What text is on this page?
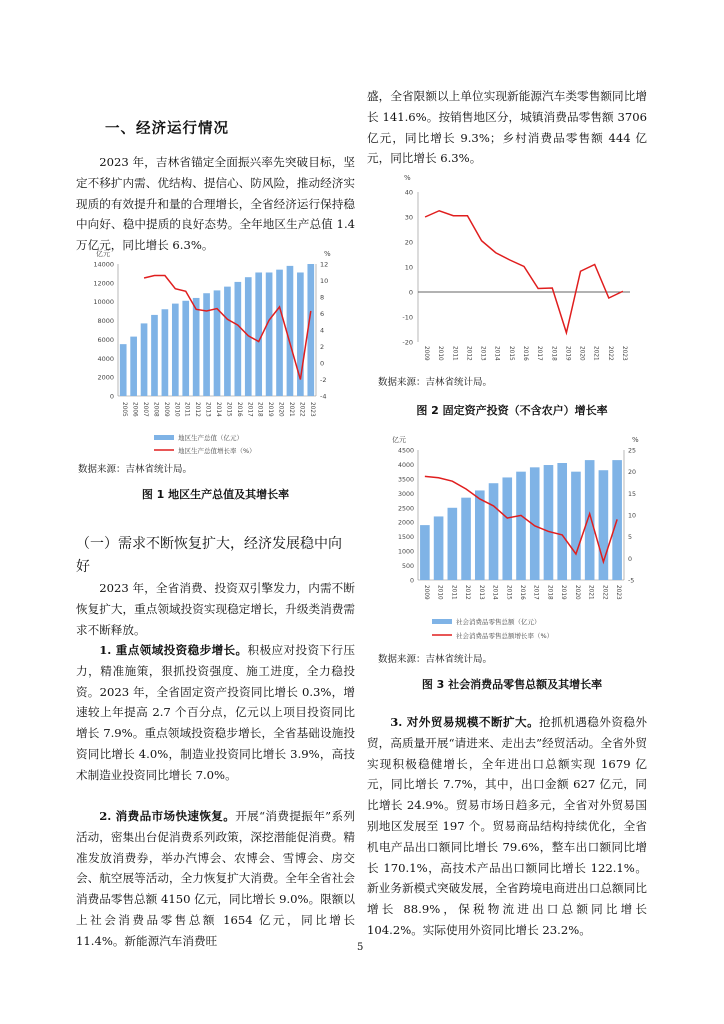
一、经济运行情况

2023 年，吉林省锚定全面振兴率先突破目标，坚定不移扩内需、优结构、提信心、防风险，推动经济实现质的有效提升和量的合理增长，全省经济运行保持稳中向好、稳中提质的良好态势。全年地区生产总值 1.4 万亿元，同比增长 6.3%。

亿元	%
14000
12000
10000
8000
6000
4000
2000
0
12
10
8
6
4
2
0
-2
-4
2005 2006 2007 2008 2009 2010 2011 2012 2013 2014 2015 2016 2017 2018 2019 2020 2021 2022 2023
地区生产总值（亿元）
地区生产总值增长率（%）
数据来源：吉林省统计局。
图 1 地区生产总值及其增长率
（一）需求不断恢复扩大，经济发展稳中向好

2023 年，全省消费、投资双引擎发力，内需不断恢复扩大，重点领域投资实现稳定增长，升级类消费需求不断释放。

1. 重点领域投资稳步增长。积极应对投资下行压力，精准施策，狠抓投资强度、施工进度，全力稳投资。2023 年，全省固定资产投资同比增长 0.3%，增速较上年提高 2.7 个百分点，亿元以上项目投资同比增长 7.9%。重点领域投资稳步增长，全省基础设施投资同比增长 4.0%，制造业投资同比增长 3.9%，高技术制造业投资同比增长 7.0%。

2. 消费品市场快速恢复。开展“消费提振年”系列活动，密集出台促消费系列政策，深挖潜能促消费。精准发放消费券，举办汽博会、农博会、雪博会、房交会、航空展等活动，全力恢复扩大消费。全年全省社会消费品零售总额 4150 亿元，同比增长 9.0%。限额以上社会消费品零售总额 1654 亿元，同比增长 11.4%。新能源汽车消费旺

盛，全省限额以上单位实现新能源汽车类零售额同比增长 141.6%。按销售地区分，城镇消费品零售额 3706 亿元，同比增长 9.3%；乡村消费品零售额 444 亿元，同比增长 6.3%。

%
40
30
20
10
0
-10
-20
2009 2010 2011 2012 2013 2014 2015 2016 2017 2018 2019 2020 2021 2022 2023
数据来源：吉林省统计局。
图 2 固定资产投资（不含农户）增长率
亿元	%
4500
4000
3500
3000
2500
2000
1500
1000
500
0
25
20
15
10
5
0
-5
2009 2010 2011 2012 2013 2014 2015 2016 2017 2018 2019 2020 2021 2022 2023
社会消费品零售总额（亿元）
社会消费品零售总额增长率（%）
数据来源：吉林省统计局。
图 3 社会消费品零售总额及其增长率

3. 对外贸易规模不断扩大。抢抓机遇稳外资稳外贸，高质量开展“请进来、走出去”经贸活动。全省外贸实现积极稳健增长，全年进出口总额实现 1679 亿元，同比增长 7.7%，其中，出口金额 627 亿元，同比增长 24.9%。贸易市场日趋多元，全省对外贸易国别地区发展至 197 个。贸易商品结构持续优化，全省机电产品出口额同比增长 79.6%，整车出口额同比增长 170.1%，高技术产品出口额同比增长 122.1%。新业务新模式突破发展，全省跨境电商进出口总额同比增长 88.9%，保税物流进出口总额同比增长 104.2%。实际使用外资同比增长 23.2%。

5
